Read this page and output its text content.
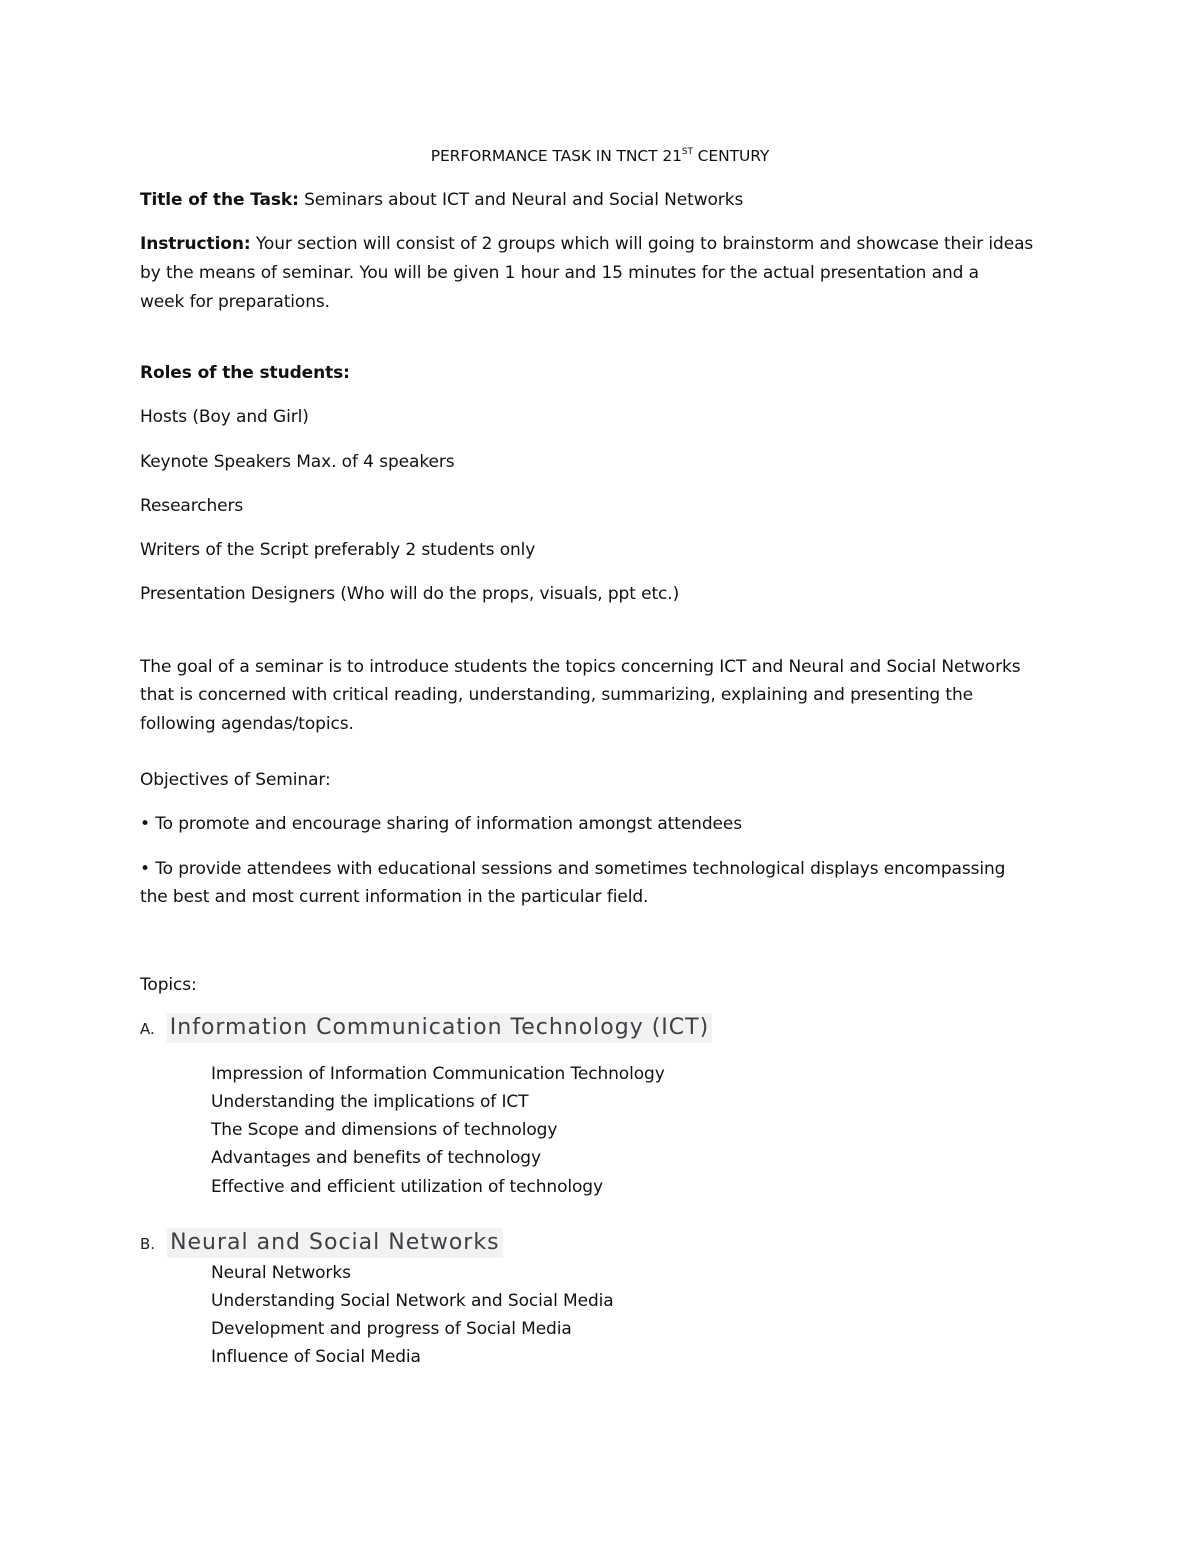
PERFORMANCE TASK IN TNCT 21ST CENTURY

Title of the Task: Seminars about ICT and Neural and Social Networks

Instruction: Your section will consist of 2 groups which will going to brainstorm and showcase their ideas

by the means of seminar. You will be given 1 hour and 15 minutes for the actual presentation and a

week for preparations.

Roles of the students:

Hosts (Boy and Girl)

Keynote Speakers Max. of 4 speakers

Researchers

Writers of the Script preferably 2 students only

Presentation Designers (Who will do the props, visuals, ppt etc.)

The goal of a seminar is to introduce students the topics concerning ICT and Neural and Social Networks

that is concerned with critical reading, understanding, summarizing, explaining and presenting the

following agendas/topics.

Objectives of Seminar:

• To promote and encourage sharing of information amongst attendees

• To provide attendees with educational sessions and sometimes technological displays encompassing

the best and most current information in the particular field.

Topics:

A. Information Communication Technology (ICT)

Impression of Information Communication Technology

Understanding the implications of ICT

The Scope and dimensions of technology

Advantages and benefits of technology

Effective and efficient utilization of technology

B. Neural and Social Networks

Neural Networks

Understanding Social Network and Social Media

Development and progress of Social Media

Influence of Social Media
